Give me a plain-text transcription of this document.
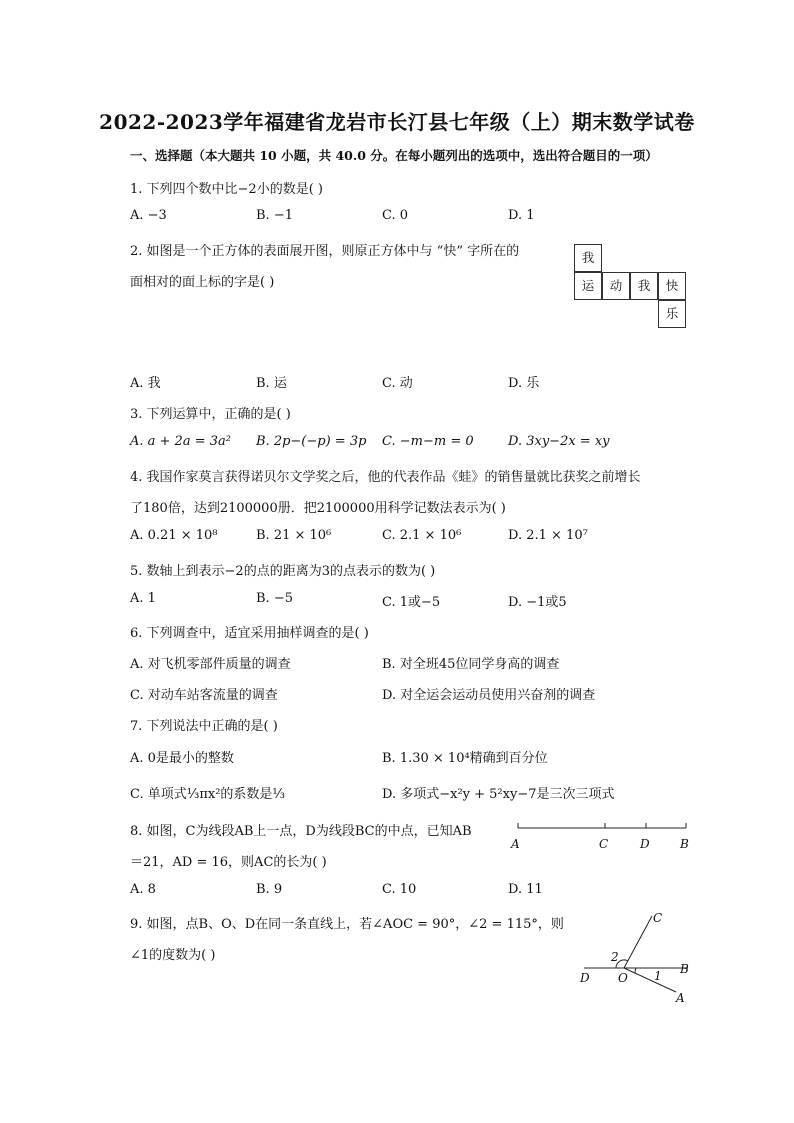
2022-2023学年福建省龙岩市长汀县七年级（上）期末数学试卷
一、选择题（本大题共 10 小题，共 40.0 分。在每小题列出的选项中，选出符合题目的一项）
1. 下列四个数中比−2小的数是( )
A. −3	B. −1	C. 0	D. 1
2. 如图是一个正方体的表面展开图，则原正方体中与 “快” 字所在的
面相对的面上标的字是( )
我
运	动	我	快
乐
A. 我	B. 运	C. 动	D. 乐
3. 下列运算中，正确的是( )
A. a + 2a = 3a² B. 2p−(−p) = 3p C. −m−m = 0	D. 3xy−2x = xy
4. 我国作家莫言获得诺贝尔文学奖之后，他的代表作品《蛙》的销售量就比获奖之前增长
了180倍，达到2100000册．把2100000用科学记数法表示为( )
A. 0.21 × 10⁸	B. 21 × 10⁶	C. 2.1 × 10⁶	D. 2.1 × 10⁷
5. 数轴上到表示−2的点的距离为3的点表示的数为( )
A. 1	B. −5	C. 1或−5	D. −1或5
6. 下列调查中，适宜采用抽样调查的是( )
A. 对飞机零部件质量的调查	B. 对全班45位同学身高的调查
C. 对动车站客流量的调查	D. 对全运会运动员使用兴奋剂的调查
7. 下列说法中正确的是( )
A. 0是最小的整数	B. 1.30 × 10⁴精确到百分位
C. 单项式⅓πx²的系数是⅓	D. 多项式−x²y + 5²xy−7是三次三项式
8. 如图，C为线段AB上一点，D为线段BC的中点，已知AB
＝21，AD = 16，则AC的长为( )
A	C	D	B
A. 8	B. 9	C. 10	D. 11
9. 如图，点B、O、D在同一条直线上，若∠AOC = 90°，∠2 = 115°，则
∠1的度数为( )
C
2
D O 1 B
A
